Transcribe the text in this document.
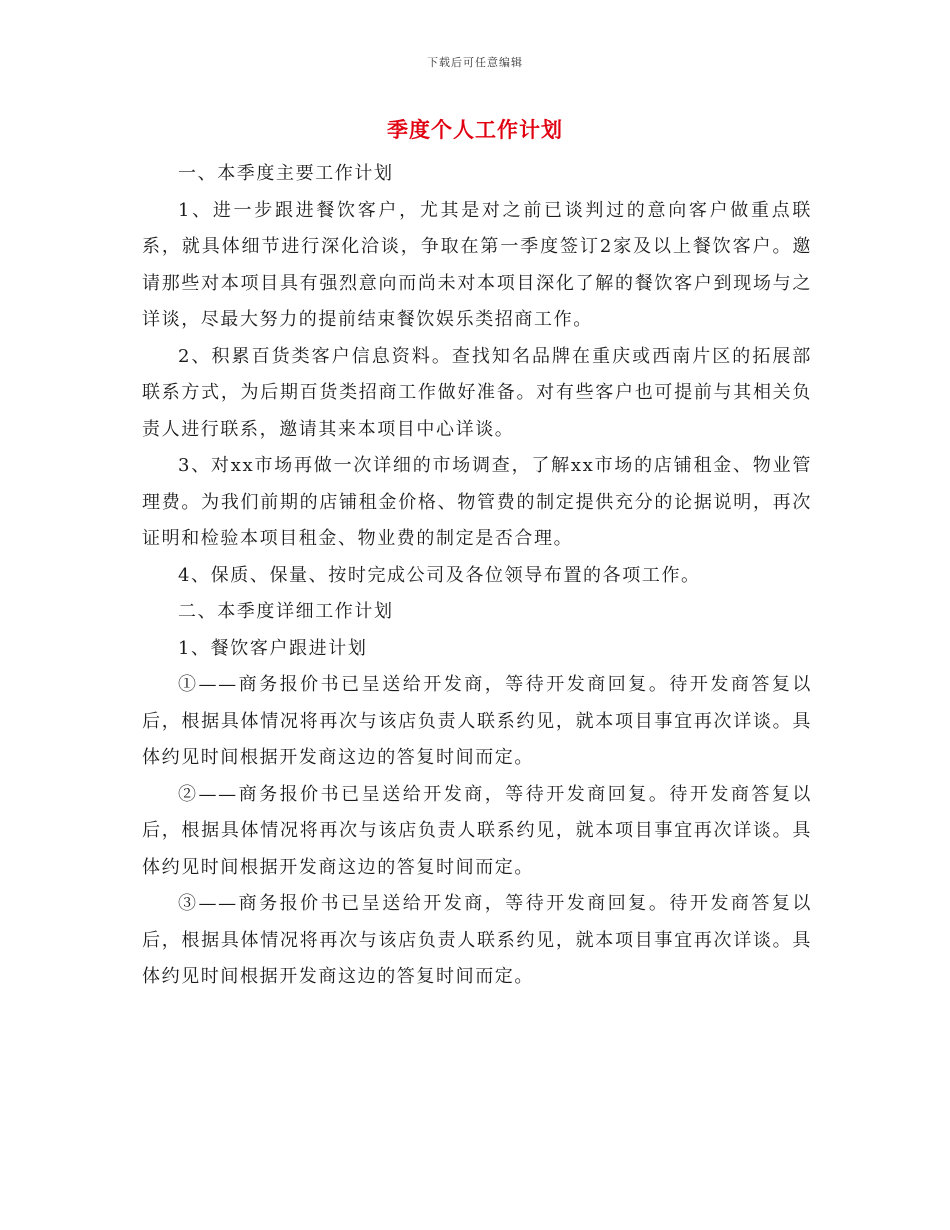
下载后可任意编辑
季度个人工作计划

一、本季度主要工作计划

1、进一步跟进餐饮客户，尤其是对之前已谈判过的意向客户做重点联系，就具体细节进行深化洽谈，争取在第一季度签订2家及以上餐饮客户。邀请那些对本项目具有强烈意向而尚未对本项目深化了解的餐饮客户到现场与之详谈，尽最大努力的提前结束餐饮娱乐类招商工作。

2、积累百货类客户信息资料。查找知名品牌在重庆或西南片区的拓展部联系方式，为后期百货类招商工作做好准备。对有些客户也可提前与其相关负责人进行联系，邀请其来本项目中心详谈。

3、对xx市场再做一次详细的市场调查，了解xx市场的店铺租金、物业管理费。为我们前期的店铺租金价格、物管费的制定提供充分的论据说明，再次证明和检验本项目租金、物业费的制定是否合理。

4、保质、保量、按时完成公司及各位领导布置的各项工作。

二、本季度详细工作计划

1、餐饮客户跟进计划

①——商务报价书已呈送给开发商，等待开发商回复。待开发商答复以后，根据具体情况将再次与该店负责人联系约见，就本项目事宜再次详谈。具体约见时间根据开发商这边的答复时间而定。

②——商务报价书已呈送给开发商，等待开发商回复。待开发商答复以后，根据具体情况将再次与该店负责人联系约见，就本项目事宜再次详谈。具体约见时间根据开发商这边的答复时间而定。

③——商务报价书已呈送给开发商，等待开发商回复。待开发商答复以后，根据具体情况将再次与该店负责人联系约见，就本项目事宜再次详谈。具体约见时间根据开发商这边的答复时间而定。
